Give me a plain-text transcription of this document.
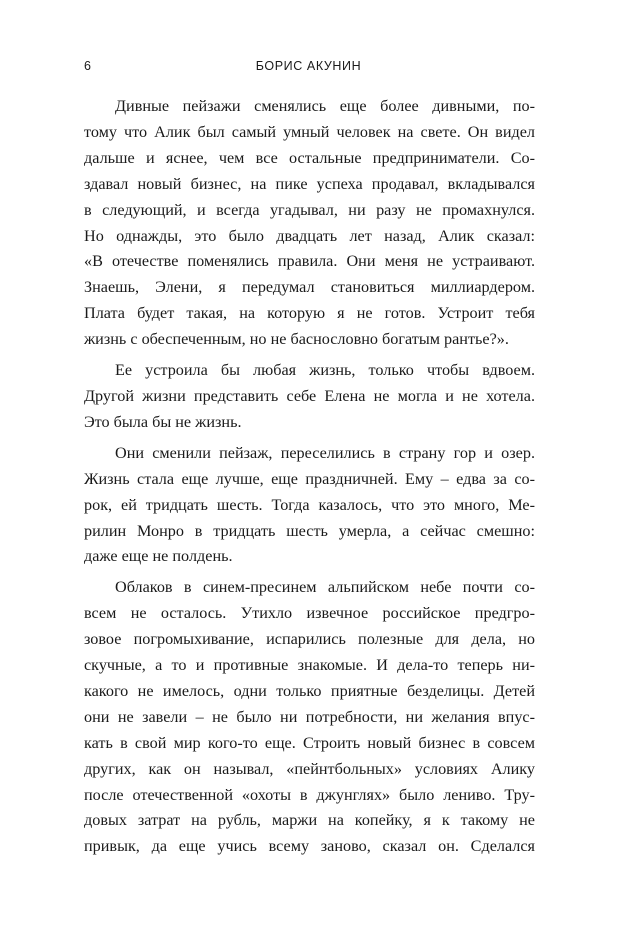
6	БОРИС АКУНИН
Дивные пейзажи сменялись еще более дивными, по-
тому что Алик был самый умный человек на свете. Он видел
дальше и яснее, чем все остальные предприниматели. Со-
здавал новый бизнес, на пике успеха продавал, вкладывался
в следующий, и всегда угадывал, ни разу не промахнулся.
Но однажды, это было двадцать лет назад, Алик сказал:
«В отечестве поменялись правила. Они меня не устраивают.
Знаешь, Элени, я передумал становиться миллиардером.
Плата будет такая, на которую я не готов. Устроит тебя
жизнь с обеспеченным, но не баснословно богатым рантье?».
Ее устроила бы любая жизнь, только чтобы вдвоем.
Другой жизни представить себе Елена не могла и не хотела.
Это была бы не жизнь.
Они сменили пейзаж, переселились в страну гор и озер.
Жизнь стала еще лучше, еще праздничней. Ему – едва за со-
рок, ей тридцать шесть. Тогда казалось, что это много, Ме-
рилин Монро в тридцать шесть умерла, а сейчас смешно:
даже еще не полдень.
Облаков в синем-пресинем альпийском небе почти со-
всем не осталось. Утихло извечное российское предгро-
зовое погромыхивание, испарились полезные для дела, но
скучные, а то и противные знакомые. И дела-то теперь ни-
какого не имелось, одни только приятные безделицы. Детей
они не завели – не было ни потребности, ни желания впус-
кать в свой мир кого-то еще. Строить новый бизнес в совсем
других, как он называл, «пейнтбольных» условиях Алику
после отечественной «охоты в джунглях» было лениво. Тру-
довых затрат на рубль, маржи на копейку, я к такому не
привык, да еще учись всему заново, сказал он. Сделался
